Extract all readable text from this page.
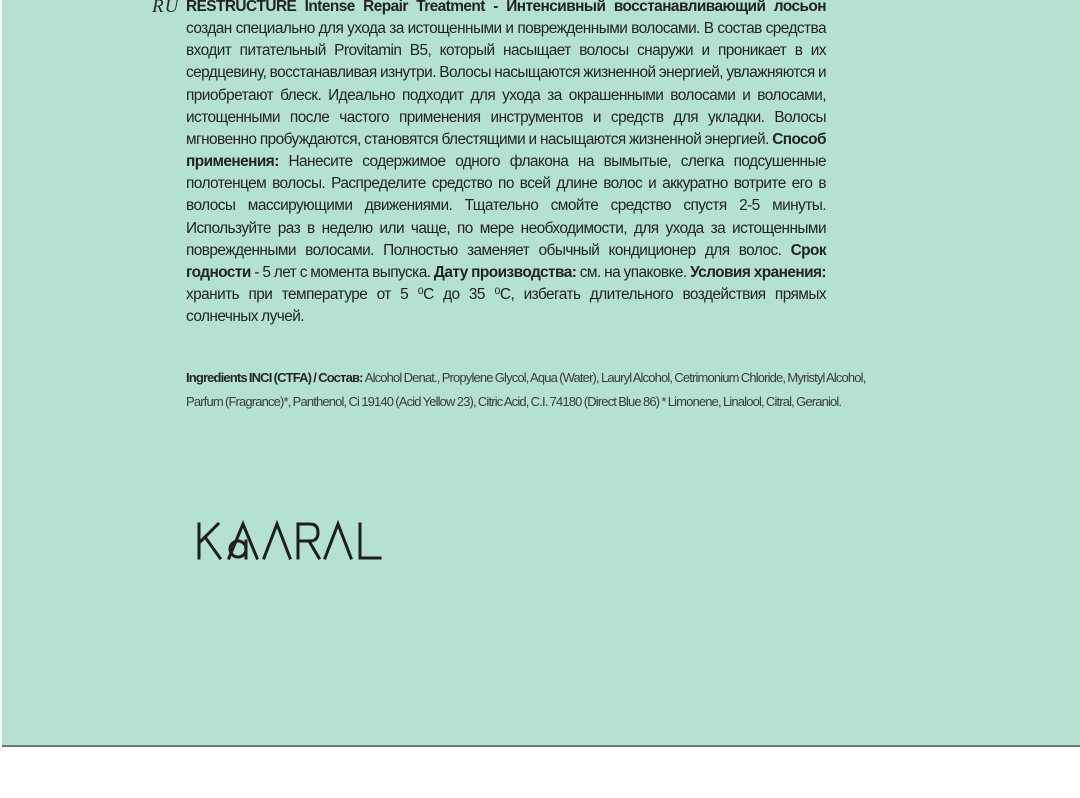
RU RESTRUCTURE Intense Repair Treatment - Интенсивный восстанавливающий лосьон создан специально для ухода за истощенными и поврежденными волосами. В состав средства входит питательный Provitamin B5, который насыщает волосы снаружи и проникает в их сердцевину, восстанавливая изнутри. Волосы насыщаются жизненной энергией, увлажняются и приобретают блеск. Идеально подходит для ухода за окрашенными волосами и волосами, истощенными после частого применения инструментов и средств для укладки. Волосы мгновенно пробуждаются, становятся блестящими и насыщаются жизненной энергией. Способ применения: Нанесите содержимое одного флакона на вымытые, слегка подсушенные полотенцем волосы. Распределите средство по всей длине волос и аккуратно вотрите его в волосы массирующими движениями. Тщательно смойте средство спустя 2-5 минуты. Используйте раз в неделю или чаще, по мере необходимости, для ухода за истощенными поврежденными волосами. Полностью заменяет обычный кондиционер для волос. Срок годности - 5 лет с момента выпуска. Дату производства: см. на упаковке. Условия хранения: хранить при температуре от 5 ⁰С до 35 ⁰С, избегать длительного воздействия прямых солнечных лучей.
Ingredients INCI (CTFA) / Состав: Alcohol Denat., Propylene Glycol, Aqua (Water), Lauryl Alcohol, Cetrimonium Chloride, Myristyl Alcohol, Parfum (Fragrance)*, Panthenol, Ci 19140 (Acid Yellow 23), Citric Acid, C.I. 74180 (Direct Blue 86) * Limonene, Linalool, Citral, Geraniol.
